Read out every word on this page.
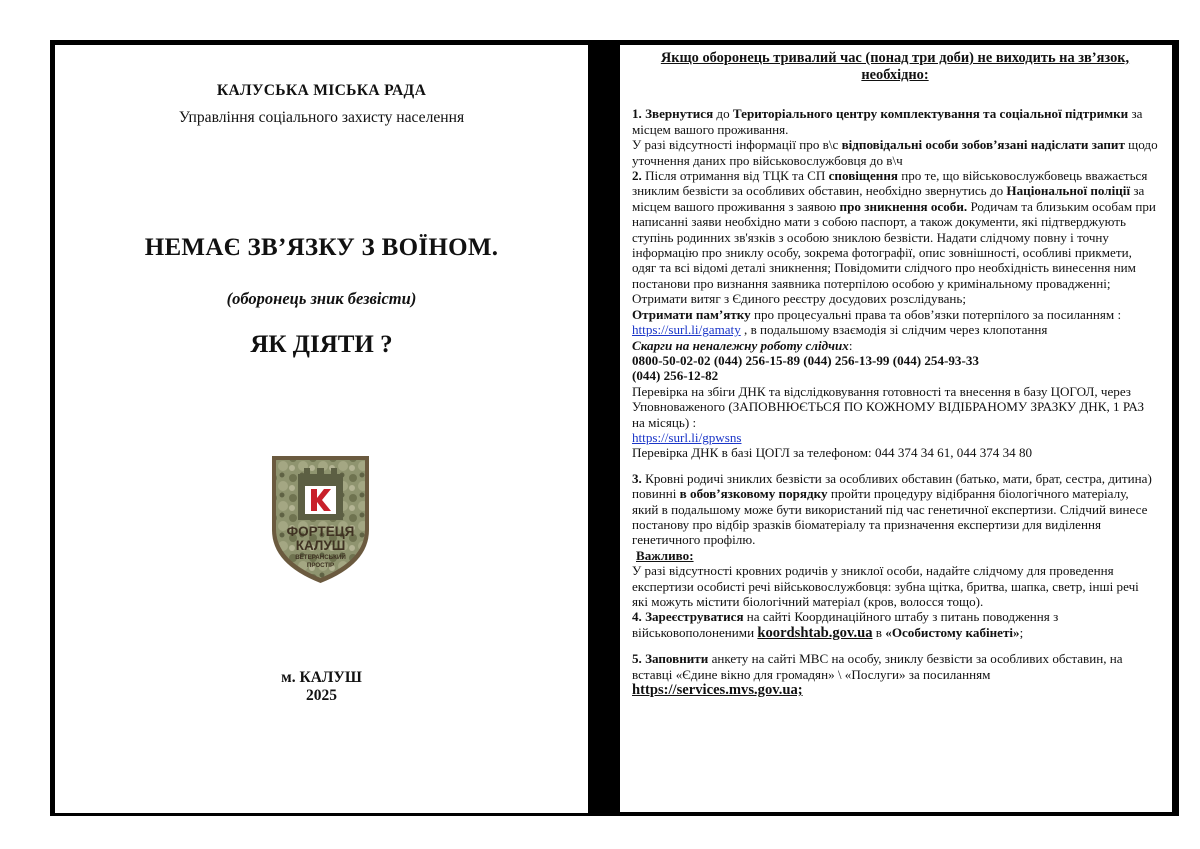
КАЛУСЬКА МІСЬКА РАДА
Управління соціального захисту населення
НЕМАЄ ЗВ’ЯЗКУ З ВОЇНОМ.
(оборонець зник безвісти)
ЯК ДІЯТИ ?
К
ФОРТЕЦЯ
КАЛУШ
ВЕТЕРАНСЬКИЙ
ПРОСТІР
м. КАЛУШ
2025

Якщо оборонець тривалий час (понад три доби) не виходить на зв’язок, необхідно:

1. Звернутися до Територіального центру комплектування та соціальної підтримки за місцем вашого проживання.
У разі відсутності інформації про в\с відповідальні особи зобов’язані надіслати запит щодо уточнення даних про військовослужбовця до в\ч

2. Після отримання від ТЦК та СП сповіщення про те, що військовослужбовець вважається зниклим безвісти за особливих обставин, необхідно звернутись до Національної поліції за місцем вашого проживання з заявою про зникнення особи. Родичам та близьким особам при написанні заяви необхідно мати з собою паспорт, а також документи, які підтверджують ступінь родинних зв'язків з особою зниклою безвісти. Надати слідчому повну і точну інформацію про зниклу особу, зокрема фотографії, опис зовнішності, особливі прикмети, одяг та всі відомі деталі зникнення; Повідомити слідчого про необхідність винесення ним постанови про визнання заявника потерпілою особою у кримінальному провадженні; Отримати витяг з Єдиного реєстру досудових розслідувань;
Отримати пам’ятку про процесуальні права та обов’язки потерпілого за посиланням : https://surl.li/gamaty , в подальшому взаємодія зі слідчим через клопотання
Скарги на неналежну роботу слідчих:
0800-50-02-02 (044) 256-15-89 (044) 256-13-99 (044) 254-93-33
(044) 256-12-82
Перевірка на збіги ДНК та відслідковування готовності та внесення в базу ЦОГОЛ, через Уповноваженого (ЗАПОВНЮЄТЬСЯ ПО КОЖНОМУ ВІДІБРАНОМУ ЗРАЗКУ ДНК, 1 РАЗ на місяць) :
https://surl.li/gpwsns
Перевірка ДНК в базі ЦОГЛ за телефоном: 044 374 34 61, 044 374 34 80

3. Кровні родичі зниклих безвісти за особливих обставин (батько, мати, брат, сестра, дитина) повинні в обов’язковому порядку пройти процедуру відібрання біологічного матеріалу, який в подальшому може бути використаний під час генетичної експертизи. Слідчий винесе постанову про відбір зразків біоматеріалу та призначення експертизи для виділення генетичного профілю.
Важливо:
У разі відсутності кровних родичів у зниклої особи, надайте слідчому для проведення експертизи особисті речі військовослужбовця: зубна щітка, бритва, шапка, светр, інші речі які можуть містити біологічний матеріал (кров, волосся тощо).

4. Зареєструватися на сайті Координаційного штабу з питань поводження з військовополоненими koordshtab.gov.ua в «Особистому кабінеті»;

5. Заповнити анкету на сайті МВС на особу, зниклу безвісти за особливих обставин, на вставці «Єдине вікно для громадян» \ «Послуги» за посиланням https://services.mvs.gov.ua;
